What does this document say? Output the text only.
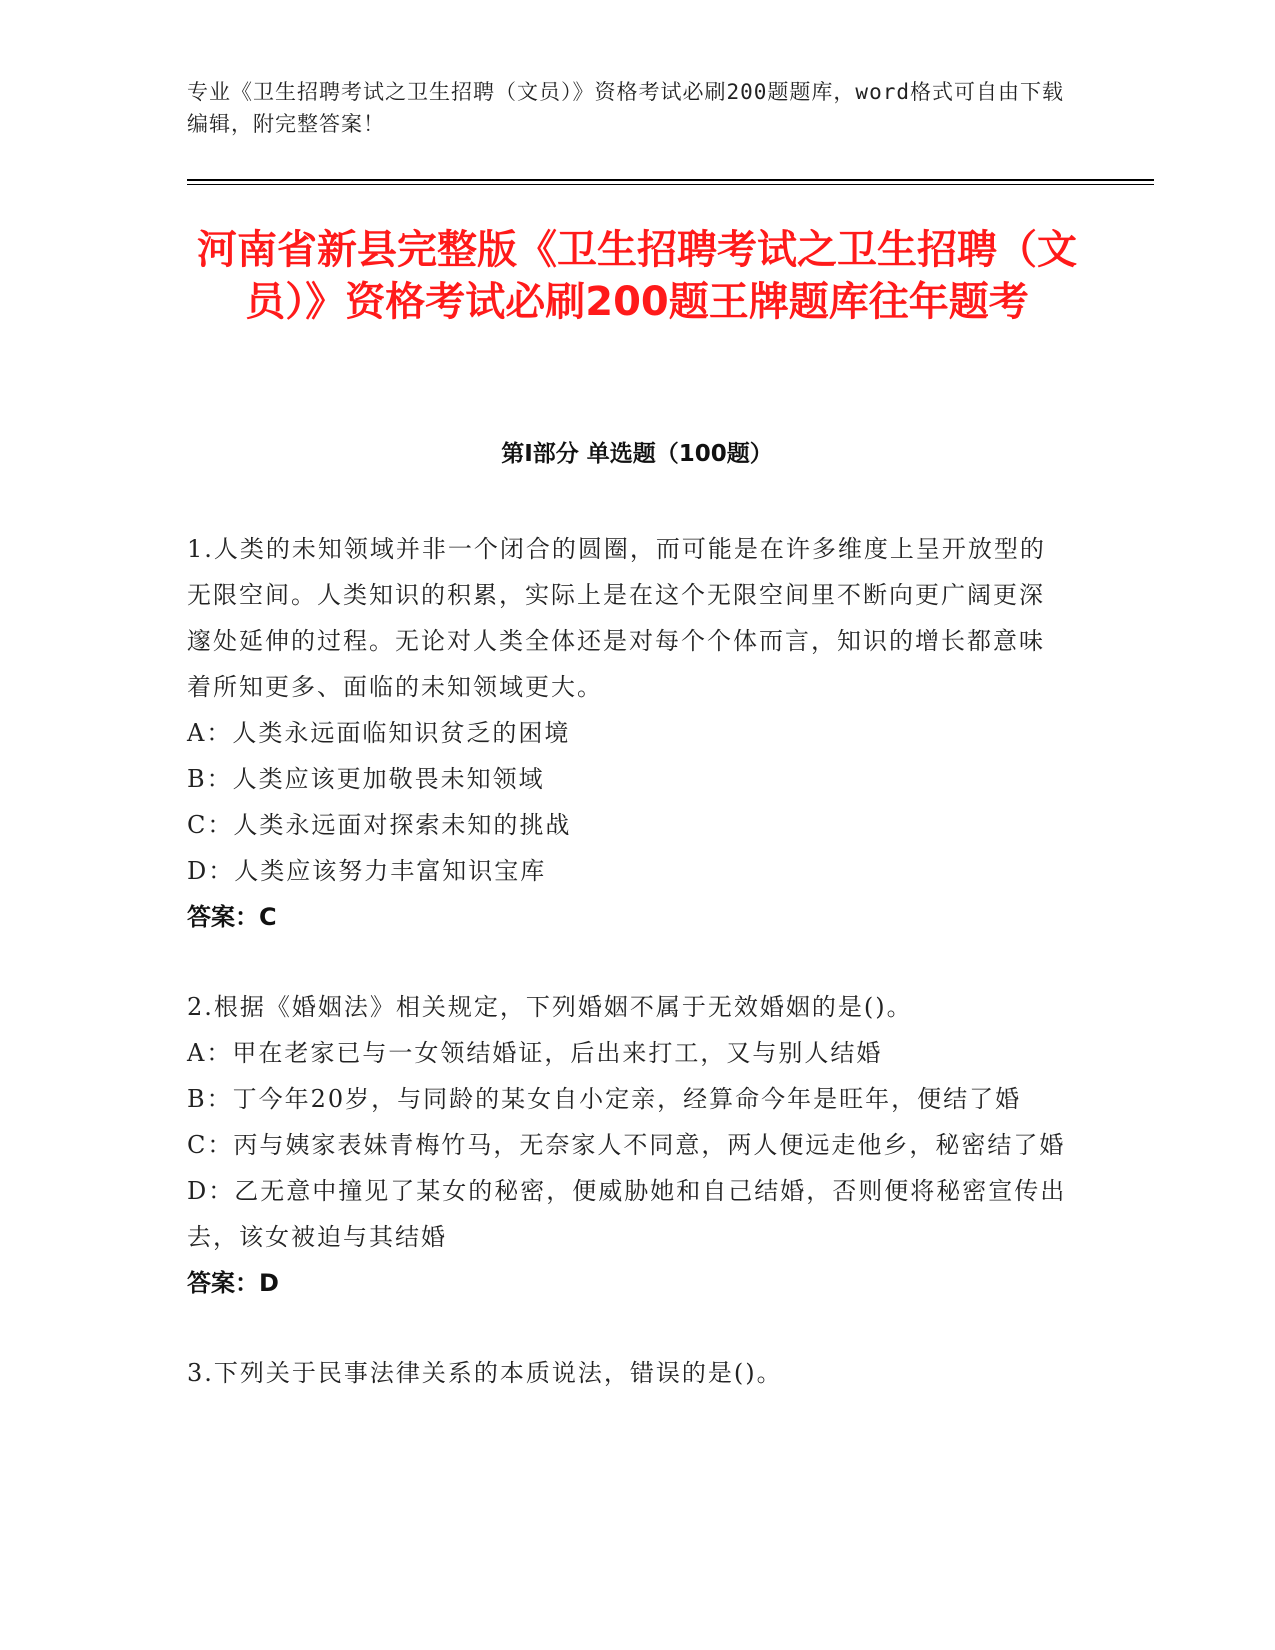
专业《卫生招聘考试之卫生招聘（文员）》资格考试必刷200题题库，word格式可自由下载编辑，附完整答案！
河南省新县完整版《卫生招聘考试之卫生招聘（文员）》资格考试必刷200题王牌题库往年题考
第Ⅰ部分 单选题（100题）
1.人类的未知领域并非一个闭合的圆圈，而可能是在许多维度上呈开放型的无限空间。人类知识的积累，实际上是在这个无限空间里不断向更广阔更深邃处延伸的过程。无论对人类全体还是对每个个体而言，知识的增长都意味着所知更多、面临的未知领域更大。
A：人类永远面临知识贫乏的困境
B：人类应该更加敬畏未知领域
C：人类永远面对探索未知的挑战
D：人类应该努力丰富知识宝库
答案：C
2.根据《婚姻法》相关规定，下列婚姻不属于无效婚姻的是()。
A：甲在老家已与一女领结婚证，后出来打工，又与别人结婚
B：丁今年20岁，与同龄的某女自小定亲，经算命今年是旺年，便结了婚
C：丙与姨家表妹青梅竹马，无奈家人不同意，两人便远走他乡，秘密结了婚
D：乙无意中撞见了某女的秘密，便威胁她和自己结婚，否则便将秘密宣传出去，该女被迫与其结婚
答案：D
3.下列关于民事法律关系的本质说法，错误的是()。
